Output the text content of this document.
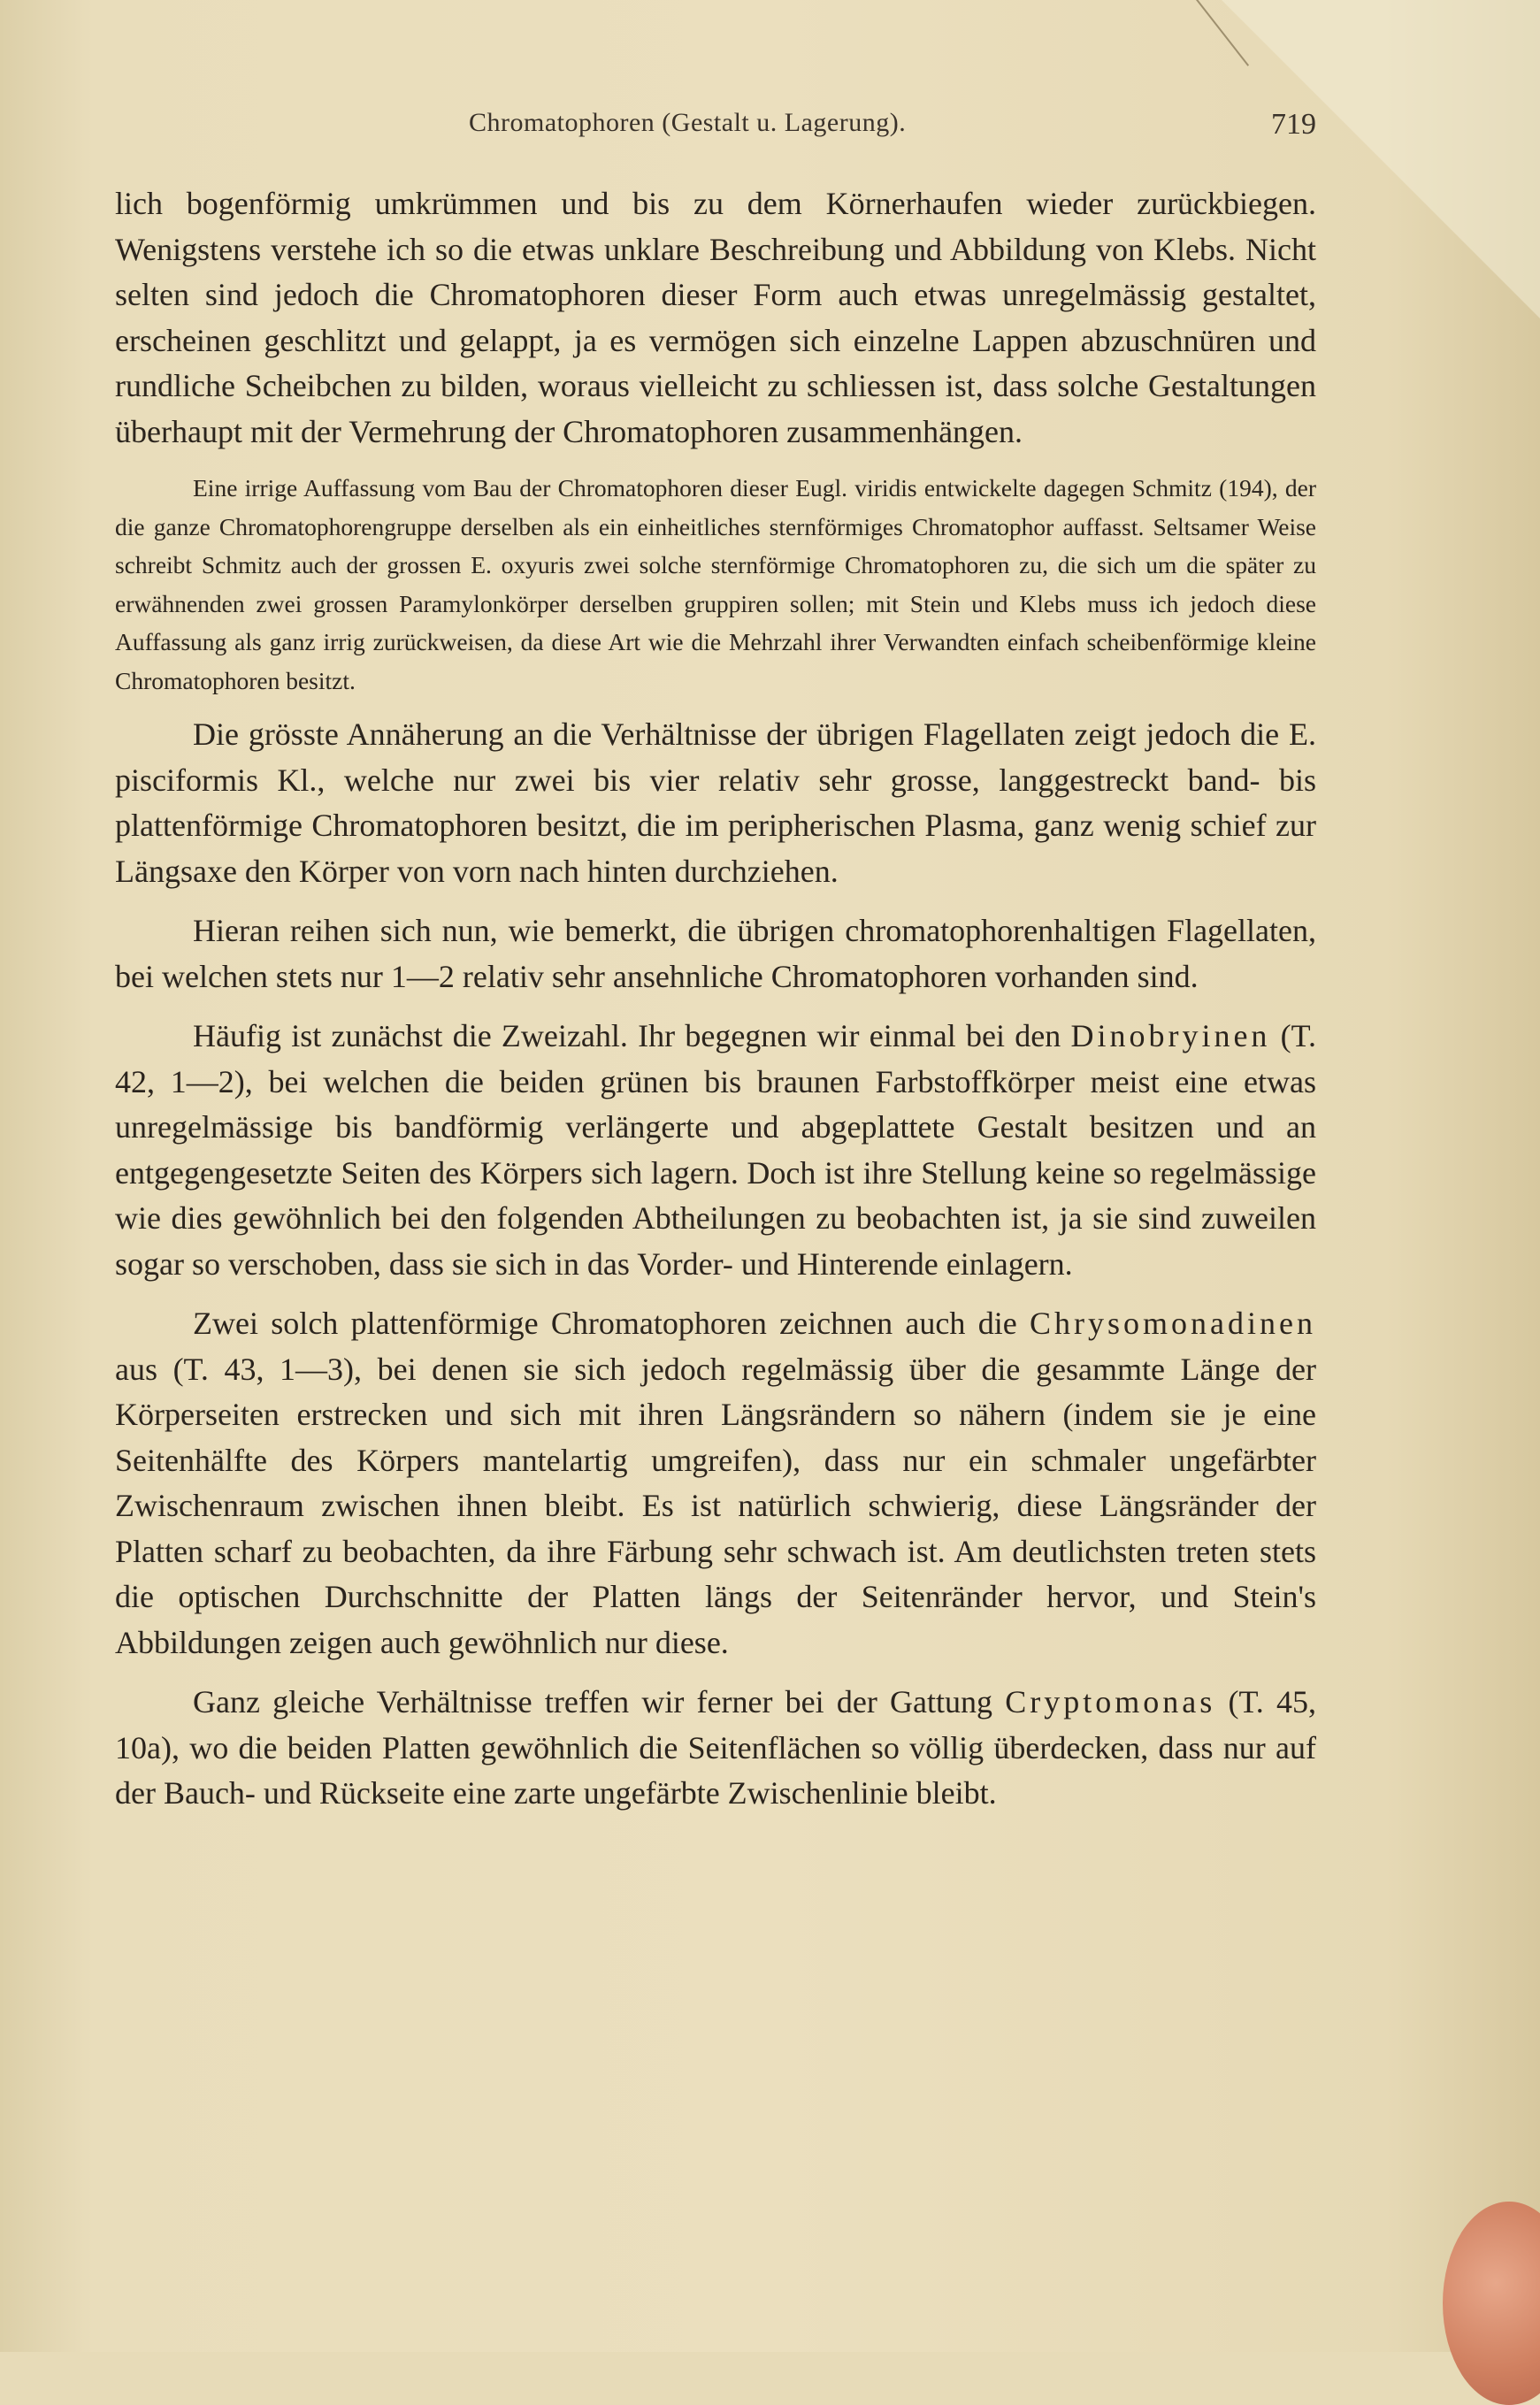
Chromatophoren (Gestalt u. Lagerung).	719

lich bogenförmig umkrümmen und bis zu dem Körnerhaufen wieder zurückbiegen. Wenigstens verstehe ich so die etwas unklare Beschreibung und Abbildung von Klebs. Nicht selten sind jedoch die Chromatophoren dieser Form auch etwas unregelmässig gestaltet, erscheinen geschlitzt und gelappt, ja es vermögen sich einzelne Lappen abzuschnüren und rundliche Scheibchen zu bilden, woraus vielleicht zu schliessen ist, dass solche Gestaltungen überhaupt mit der Vermehrung der Chromatophoren zusammenhängen.

Eine irrige Auffassung vom Bau der Chromatophoren dieser Eugl. viridis entwickelte dagegen Schmitz (194), der die ganze Chromatophorengruppe derselben als ein einheitliches sternförmiges Chromatophor auffasst. Seltsamer Weise schreibt Schmitz auch der grossen E. oxyuris zwei solche sternförmige Chromatophoren zu, die sich um die später zu erwähnenden zwei grossen Paramylonkörper derselben gruppiren sollen; mit Stein und Klebs muss ich jedoch diese Auffassung als ganz irrig zurückweisen, da diese Art wie die Mehrzahl ihrer Verwandten einfach scheibenförmige kleine Chromatophoren besitzt.

Die grösste Annäherung an die Verhältnisse der übrigen Flagellaten zeigt jedoch die E. pisciformis Kl., welche nur zwei bis vier relativ sehr grosse, langgestreckt band- bis plattenförmige Chromatophoren besitzt, die im peripherischen Plasma, ganz wenig schief zur Längsaxe den Körper von vorn nach hinten durchziehen.

Hieran reihen sich nun, wie bemerkt, die übrigen chromatophorenhaltigen Flagellaten, bei welchen stets nur 1—2 relativ sehr ansehnliche Chromatophoren vorhanden sind.

Häufig ist zunächst die Zweizahl. Ihr begegnen wir einmal bei den Dinobryinen (T. 42, 1—2), bei welchen die beiden grünen bis braunen Farbstoffkörper meist eine etwas unregelmässige bis bandförmig verlängerte und abgeplattete Gestalt besitzen und an entgegengesetzte Seiten des Körpers sich lagern. Doch ist ihre Stellung keine so regelmässige wie dies gewöhnlich bei den folgenden Abtheilungen zu beobachten ist, ja sie sind zuweilen sogar so verschoben, dass sie sich in das Vorder- und Hinterende einlagern.

Zwei solch plattenförmige Chromatophoren zeichnen auch die Chrysomonadinen aus (T. 43, 1—3), bei denen sie sich jedoch regelmässig über die gesammte Länge der Körperseiten erstrecken und sich mit ihren Längsrändern so nähern (indem sie je eine Seitenhälfte des Körpers mantelartig umgreifen), dass nur ein schmaler ungefärbter Zwischenraum zwischen ihnen bleibt. Es ist natürlich schwierig, diese Längsränder der Platten scharf zu beobachten, da ihre Färbung sehr schwach ist. Am deutlichsten treten stets die optischen Durchschnitte der Platten längs der Seitenränder hervor, und Stein's Abbildungen zeigen auch gewöhnlich nur diese.

Ganz gleiche Verhältnisse treffen wir ferner bei der Gattung Cryptomonas (T. 45, 10a), wo die beiden Platten gewöhnlich die Seitenflächen so völlig überdecken, dass nur auf der Bauch- und Rückseite eine zarte ungefärbte Zwischenlinie bleibt.
